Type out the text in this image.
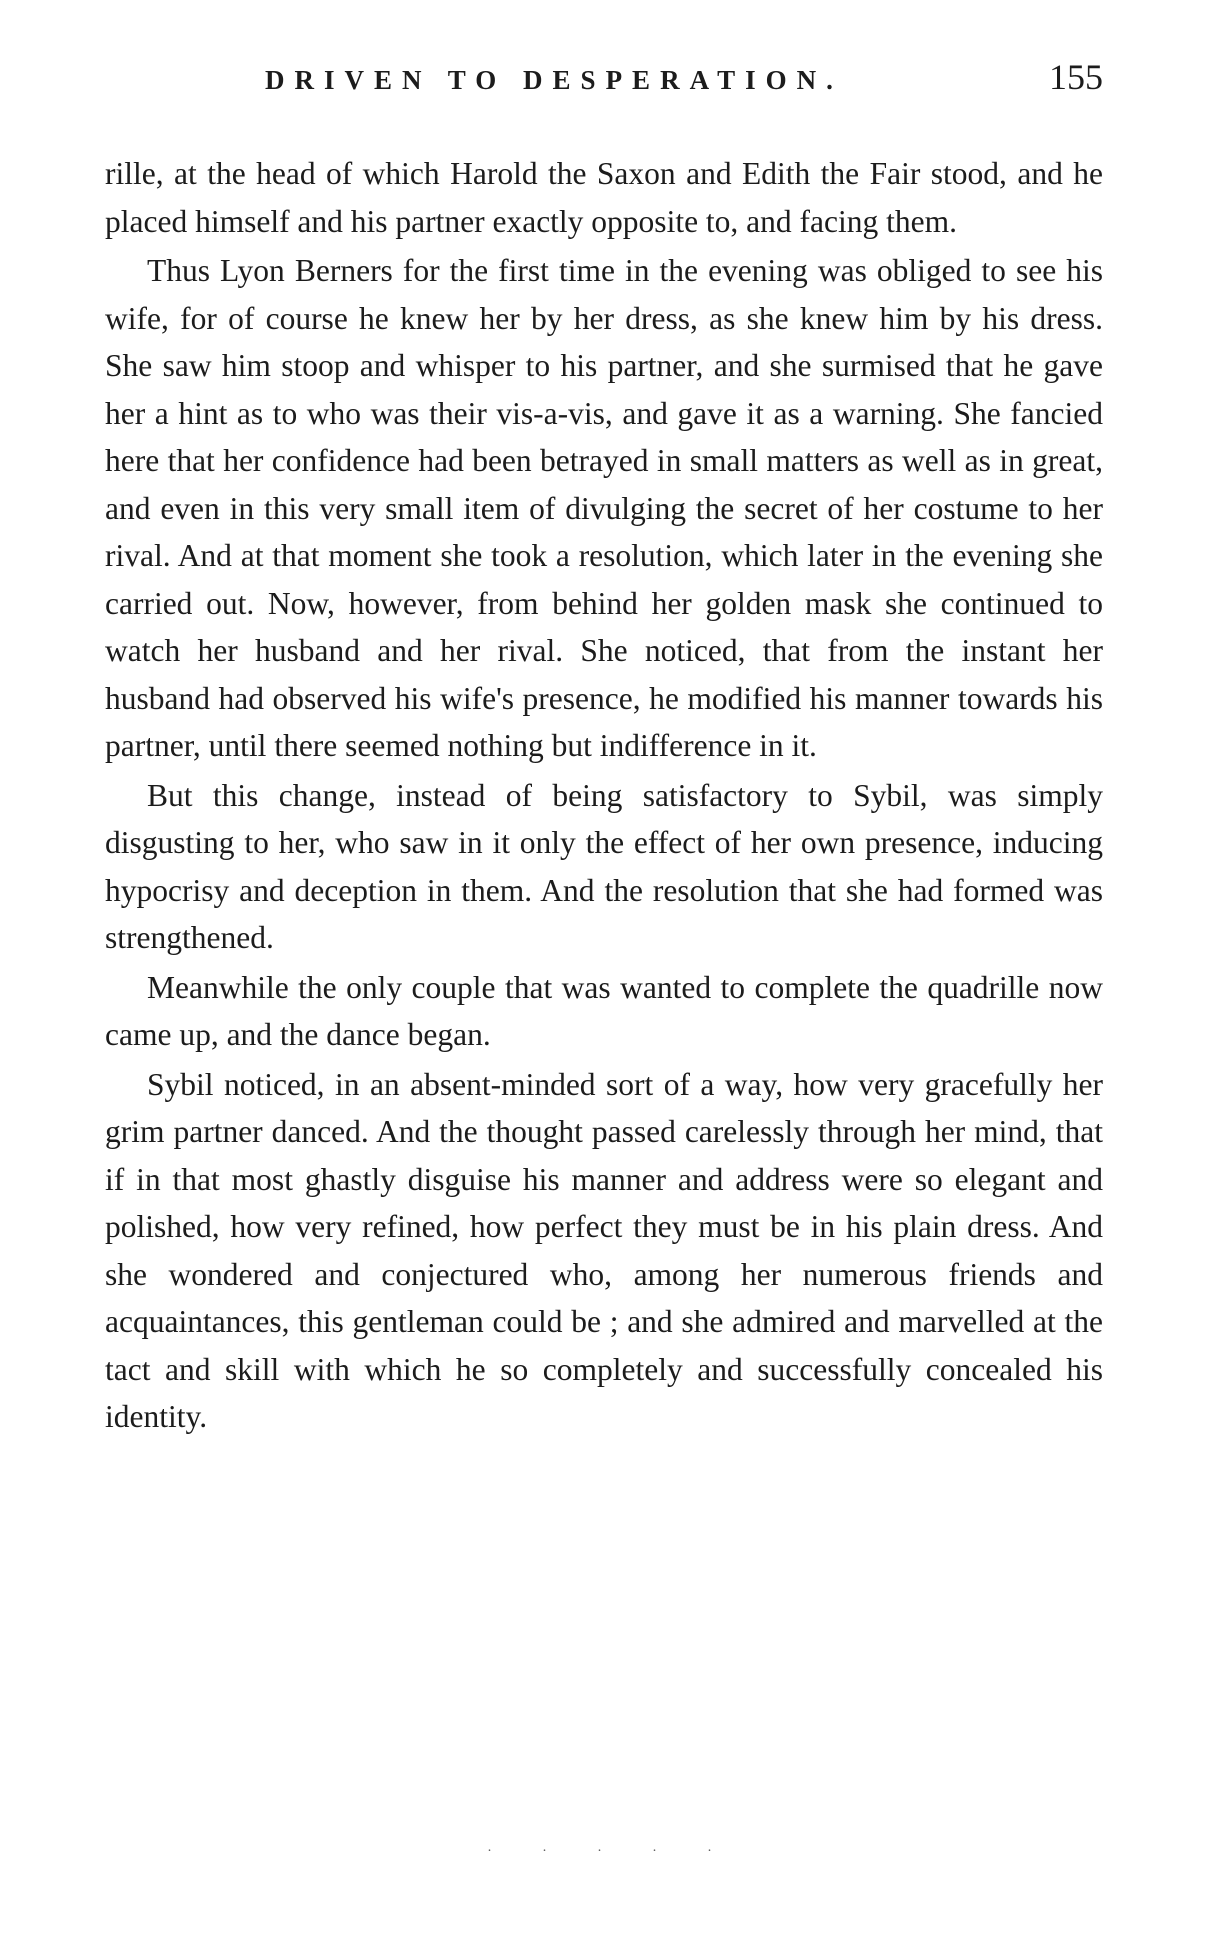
DRIVEN TO DESPERATION.	155

rille, at the head of which Harold the Saxon and Edith the Fair stood, and he placed himself and his partner exactly opposite to, and facing them.

Thus Lyon Berners for the first time in the evening was obliged to see his wife, for of course he knew her by her dress, as she knew him by his dress. She saw him stoop and whisper to his partner, and she surmised that he gave her a hint as to who was their vis-a-vis, and gave it as a warning. She fancied here that her confidence had been betrayed in small matters as well as in great, and even in this very small item of divulging the secret of her costume to her rival. And at that moment she took a resolution, which later in the evening she carried out. Now, however, from behind her golden mask she continued to watch her husband and her rival. She noticed, that from the instant her husband had observed his wife's presence, he modified his manner towards his partner, until there seemed nothing but indifference in it.

But this change, instead of being satisfactory to Sybil, was simply disgusting to her, who saw in it only the effect of her own presence, inducing hypocrisy and deception in them. And the resolution that she had formed was strengthened.

Meanwhile the only couple that was wanted to complete the quadrille now came up, and the dance began.

Sybil noticed, in an absent-minded sort of a way, how very gracefully her grim partner danced. And the thought passed carelessly through her mind, that if in that most ghastly disguise his manner and address were so elegant and polished, how very refined, how perfect they must be in his plain dress. And she wondered and conjectured who, among her numerous friends and acquaintances, this gentleman could be ; and she admired and marvelled at the tact and skill with which he so completely and successfully concealed his identity.

. . . . .
